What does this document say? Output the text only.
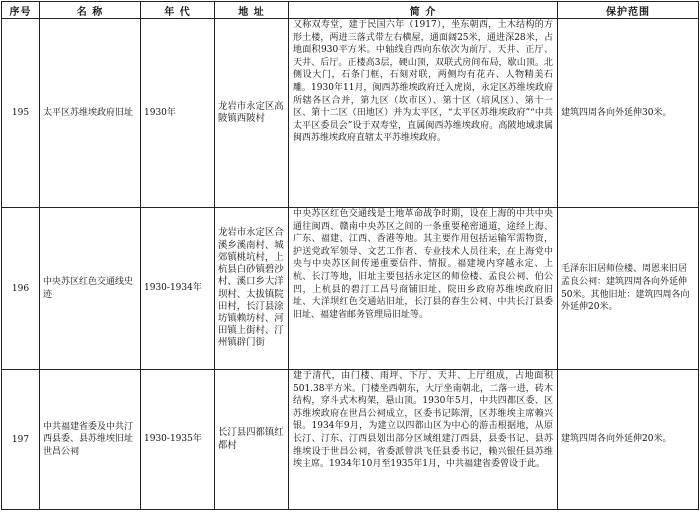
序号	名 称	年 代	地 址	简 介	保护范围
195	太平区苏维埃政府旧址	1930年	龙岩市永定区高陂镇西陂村	又称双寿堂，建于民国六年（1917），坐东朝西，土木结构的方形土楼，两进三落式带左右横屋，通面阔25米，通进深28米，占地面积930平方米。中轴线自西向东依次为前厅、天井、正厅、天井、后厅。正楼高3层，硬山顶，双联式房间布局，歇山顶。北侧设大门，石条门框，石刻对联，两侧均有花卉、人物精美石雕。1930年11月，闽西苏维埃政府迁入虎岗，永定区苏维埃政府所辖各区合并，第九区（坎市区）、第十区（培风区）、第十一区、第十二区（田地区）并为太平区，“太平区苏维埃政府”“中共太平区委员会”设于双寿堂，直属闽西苏维埃政府。高陂地域隶属闽西苏维埃政府直辖太平苏维埃政府。	建筑四周各向外延伸30米。
196	中央苏区红色交通线史迹	1930-1934年	龙岩市永定区合溪乡溪南村、城郊镇桃坑村，上杭县白砂镇碧沙村、溪口乡大洋坝村、太拔镇院田村，长汀县涂坊镇赖坊村、河田镇上街村、汀州镇辟门街	中央苏区红色交通线是土地革命战争时期，设在上海的中共中央通往闽西、赣南中央苏区之间的一条重要秘密通道，途经上海、广东、福建、江西、香港等地。其主要作用包括运输军需物资，护送党政军领导、文艺工作者、专业技术人员往来，在上海党中央与中央苏区间传递重要信件、情报。福建境内穿越永定、上杭、长汀等地，旧址主要包括永定区的师俭楼、孟良公祠、伯公凹，上杭县的碧汀工昌号商铺旧址、院田乡政府苏维埃政府旧址、大洋坝红色交通站旧址，长汀县的春生公祠、中共长汀县委旧址、福建省邮务管理局旧址等。	毛泽东旧居师俭楼、周恩来旧居孟良公祠：建筑四周各向外延伸50米。其他旧址：建筑四周各向外延伸20米。
197	中共福建省委及中共汀西县委、县苏维埃旧址世昌公祠	1930-1935年	长汀县四都镇红都村	建于清代，由门楼、雨坪、下厅、天井、上厅组成，占地面积501.38平方米。门楼坐西朝东，大厅坐南朝北，二落一进，砖木结构，穿斗式木构架，悬山顶。1930年5月，中共四都区委、区苏维埃政府在世昌公祠成立，区委书记陈渭，区苏维埃主席赖兴银。1934年9月，为建立以四都山区为中心的游击根据地，从原长汀、汀东、汀西县划出部分区域组建汀西县，县委书记、县苏维埃设于世昌公祠，省委派曾洪飞任县委书记，赖兴银任县苏维埃主席。1934年10月至1935年1月，中共福建省委曾设于此。	建筑四周各向外延伸20米。
